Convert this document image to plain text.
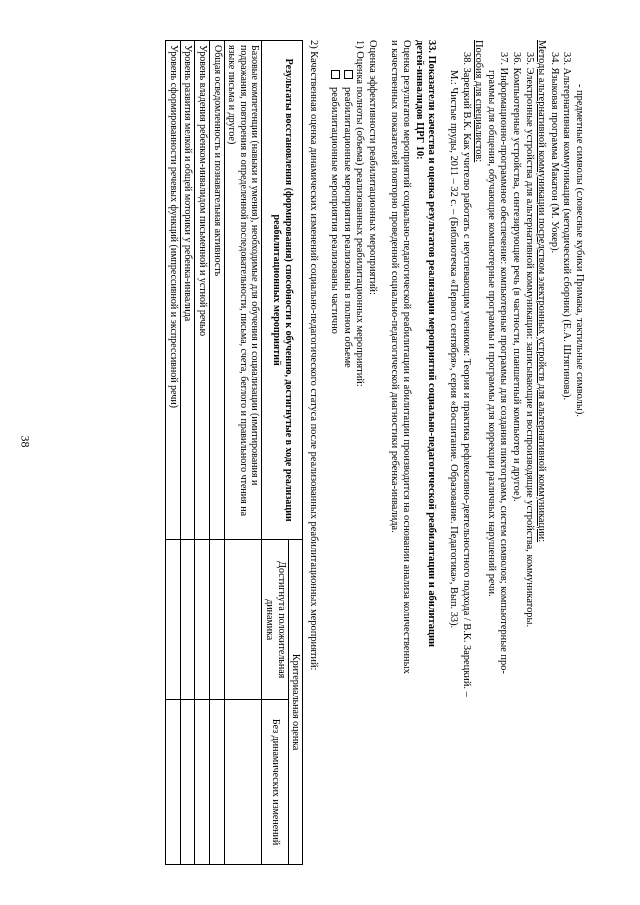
38
- предметные символы (словесные кубики Примака, тактильные символы).
33. Альтернативная коммуникация (методический сборник) (Е.А. Штягинова).
34. Языковая программа Макатон (М. Уокер).
Методы альтернативной коммуникации посредством электронных устройств для альтернативной коммуникации:
35. Электронные устройства для альтернативной коммуникации: записывающие и воспроизводящие устройства, коммуникаторы.
36. Компьютерные устройства, синтезирующие речь (в частности, планшетный компьютер и другое).
37. Информационно-программное обеспечение: компьютерные программы для создания пиктограмм, систем символов; компьютерные про-
граммы для общения, обучающие компьютерные программы и программы для коррекции различных нарушений речи.
Пособия для специалистов:
38. Зарецкий В.К. Как учителю работать с неуспевающим учеником: Теория и практика рефлексивно-деятельностного подхода / В.К. Зарецкий. –
М.: Чистые пруды, 2011 – 32 с. – (Библиотечка «Первого сентября», серия «Воспитание. Образование. Педагогика», Вып. 33).
33. Показатели качества и оценка результатов реализации мероприятий социально-педагогической реабилитации и абилитации
детей-инвалидов ЦРГ 10:
Оценка результатов мероприятий социально-педагогической реабилитации и абилитации производится на основании анализа количественных
и качественных показателей повторно проведенной социально-педагогической диагностики ребенка-инвалида.
Оценка эффективности реабилитационных мероприятий:
1) Оценка полноты (объема) реализованных реабилитационных мероприятий:
реабилитационные мероприятия реализованы в полном объеме
реабилитационные мероприятия реализованы частично
2) Качественная оценка динамических изменений социально-педагогического статуса после реализованных реабилитационных мероприятий:
Результаты восстановления (формирования) способности к обучению, достигнутые в ходе реализации реабилитационных мероприятий	Критериальная оценка	
	Достигнута положительная динамика	Без динамических изменений
Базовые компетенции (навыки и умения), необходимые для обучения и социализации (имитирования и подражания, повторения в определенной последовательности, письма, счета, беглого и правильного чтения на языке письма и другое)		
Общая осведомленность и познавательная активность		
Уровень владения ребенком-инвалидом письменной и устной речью		
Уровень развития мелкой и общей моторики у ребенка-инвалида		
Уровень сформированности речевых функций (импрессивной и экспрессивной речи)		
